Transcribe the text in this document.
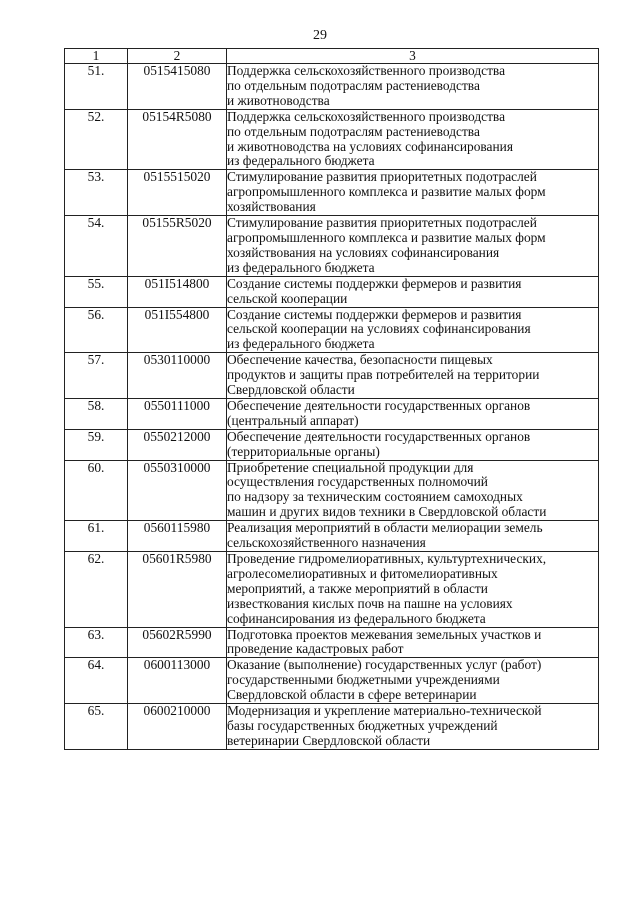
29
1	2	3
51.	0515415080	Поддержка сельскохозяйственного производства
по отдельным подотраслям растениеводства
и животноводства

52.	05154R5080	Поддержка сельскохозяйственного производства
по отдельным подотраслям растениеводства
и животноводства на условиях софинансирования
из федерального бюджета

53.	0515515020	Стимулирование развития приоритетных подотраслей
агропромышленного комплекса и развитие малых форм
хозяйствования

54.	05155R5020	Стимулирование развития приоритетных подотраслей
агропромышленного комплекса и развитие малых форм
хозяйствования на условиях софинансирования
из федерального бюджета

55.	051I514800	Создание системы поддержки фермеров и развития
сельской кооперации

56.	051I554800	Создание системы поддержки фермеров и развития
сельской кооперации на условиях софинансирования
из федерального бюджета

57.	0530110000	Обеспечение качества, безопасности пищевых
продуктов и защиты прав потребителей на территории
Свердловской области

58.	0550111000	Обеспечение деятельности государственных органов
(центральный аппарат)

59.	0550212000	Обеспечение деятельности государственных органов
(территориальные органы)

60.	0550310000	Приобретение специальной продукции для
осуществления государственных полномочий
по надзору за техническим состоянием самоходных
машин и других видов техники в Свердловской области

61.	0560115980	Реализация мероприятий в области мелиорации земель
сельскохозяйственного назначения

62.	05601R5980	Проведение гидромелиоративных, культуртехнических,
агролесомелиоративных и фитомелиоративных
мероприятий, а также мероприятий в области
известкования кислых почв на пашне на условиях
софинансирования из федерального бюджета

63.	05602R5990	Подготовка проектов межевания земельных участков и
проведение кадастровых работ

64.	0600113000	Оказание (выполнение) государственных услуг (работ)
государственными бюджетными учреждениями
Свердловской области в сфере ветеринарии

65.	0600210000	Модернизация и укрепление материально-технической
базы государственных бюджетных учреждений
ветеринарии Свердловской области
